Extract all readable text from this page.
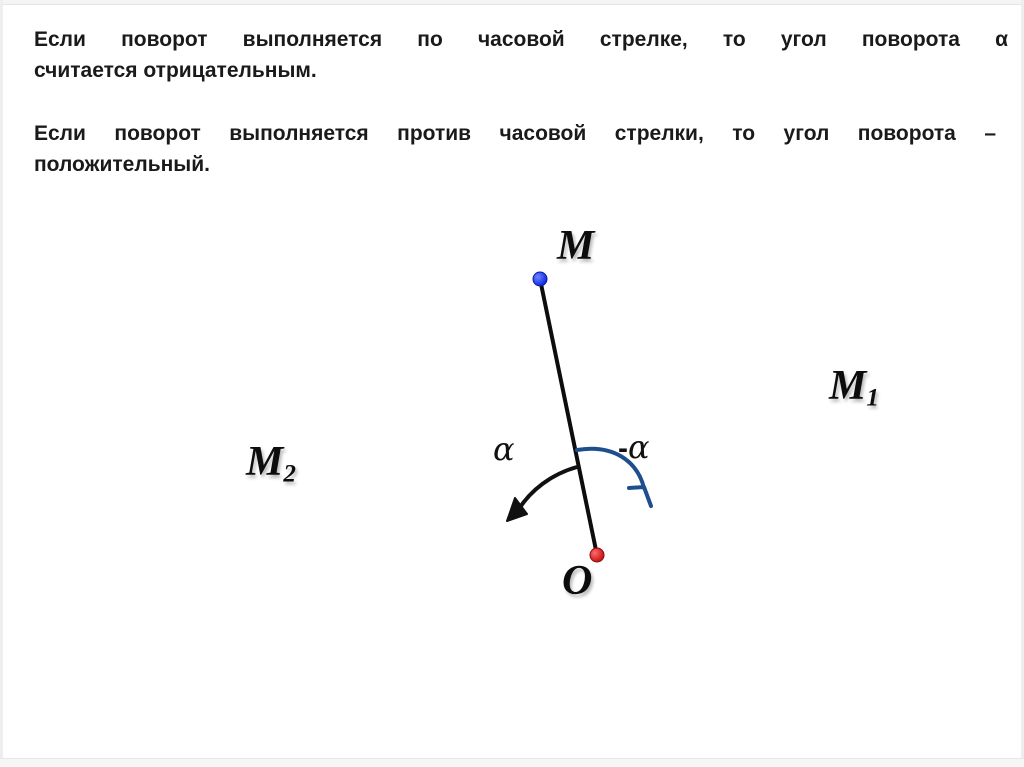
Если поворот выполняется по часовой стрелке, то угол поворота α
считается отрицательным.

Если поворот выполняется против часовой стрелки, то угол поворота –
положительный.

M
$M_1$
$M_2$
O
α	-α
